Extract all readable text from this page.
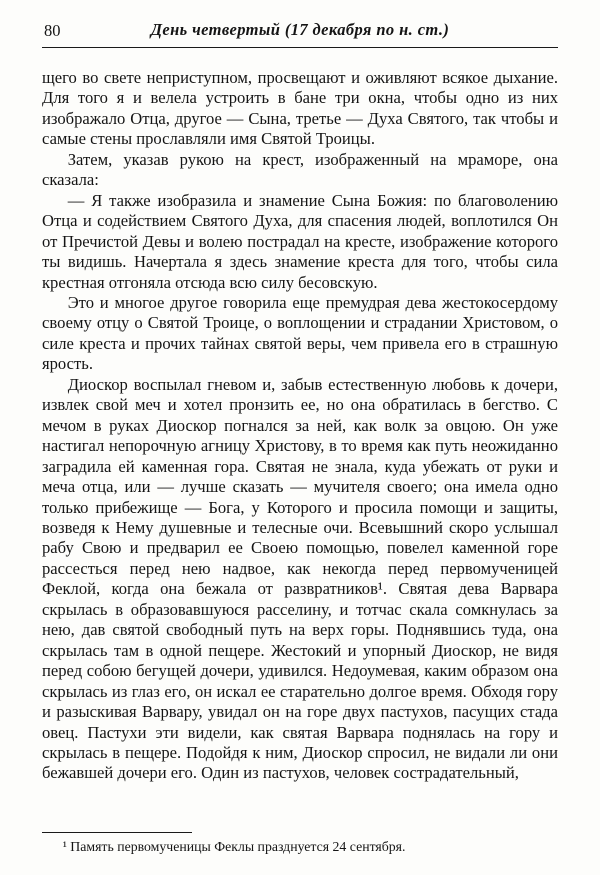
80	День четвертый (17 декабря по н. ст.)

щего во свете неприступном, просвещают и оживляют всякое дыхание. Для того я и велела устроить в бане три окна, чтобы одно из них изображало Отца, другое — Сына, третье — Духа Святого, так чтобы и самые стены прославляли имя Святой Троицы.

Затем, указав рукою на крест, изображенный на мраморе, она сказала:

— Я также изобразила и знамение Сына Божия: по благоволению Отца и содействием Святого Духа, для спасения людей, воплотился Он от Пречистой Девы и волею пострадал на кресте, изображение которого ты видишь. Начертала я здесь знамение креста для того, чтобы сила крестная отгоняла отсюда всю силу бесовскую.

Это и многое другое говорила еще премудрая дева жестокосердому своему отцу о Святой Троице, о воплощении и страдании Христовом, о силе креста и прочих тайнах святой веры, чем привела его в страшную ярость.

Диоскор воспылал гневом и, забыв естественную любовь к дочери, извлек свой меч и хотел пронзить ее, но она обратилась в бегство. С мечом в руках Диоскор погнался за ней, как волк за овцою. Он уже настигал непорочную агницу Христову, в то время как путь неожиданно заградила ей каменная гора. Святая не знала, куда убежать от руки и меча отца, или — лучше сказать — мучителя своего; она имела одно только прибежище — Бога, у Которого и просила помощи и защиты, возведя к Нему душевные и телесные очи. Всевышний скоро услышал рабу Свою и предварил ее Своею помощью, повелел каменной горе рассесться перед нею надвое, как некогда перед первомученицей Феклой, когда она бежала от развратников¹. Святая дева Варвара скрылась в образовавшуюся расселину, и тотчас скала сомкнулась за нею, дав святой свободный путь на верх горы. Поднявшись туда, она скрылась там в одной пещере. Жестокий и упорный Диоскор, не видя перед собою бегущей дочери, удивился. Недоумевая, каким образом она скрылась из глаз его, он искал ее старательно долгое время. Обходя гору и разыскивая Варвару, увидал он на горе двух пастухов, пасущих стада овец. Пастухи эти видели, как святая Варвара поднялась на гору и скрылась в пещере. Подойдя к ним, Диоскор спросил, не видали ли они бежавшей дочери его. Один из пастухов, человек сострадательный,

¹ Память первомученицы Феклы празднуется 24 сентября.
